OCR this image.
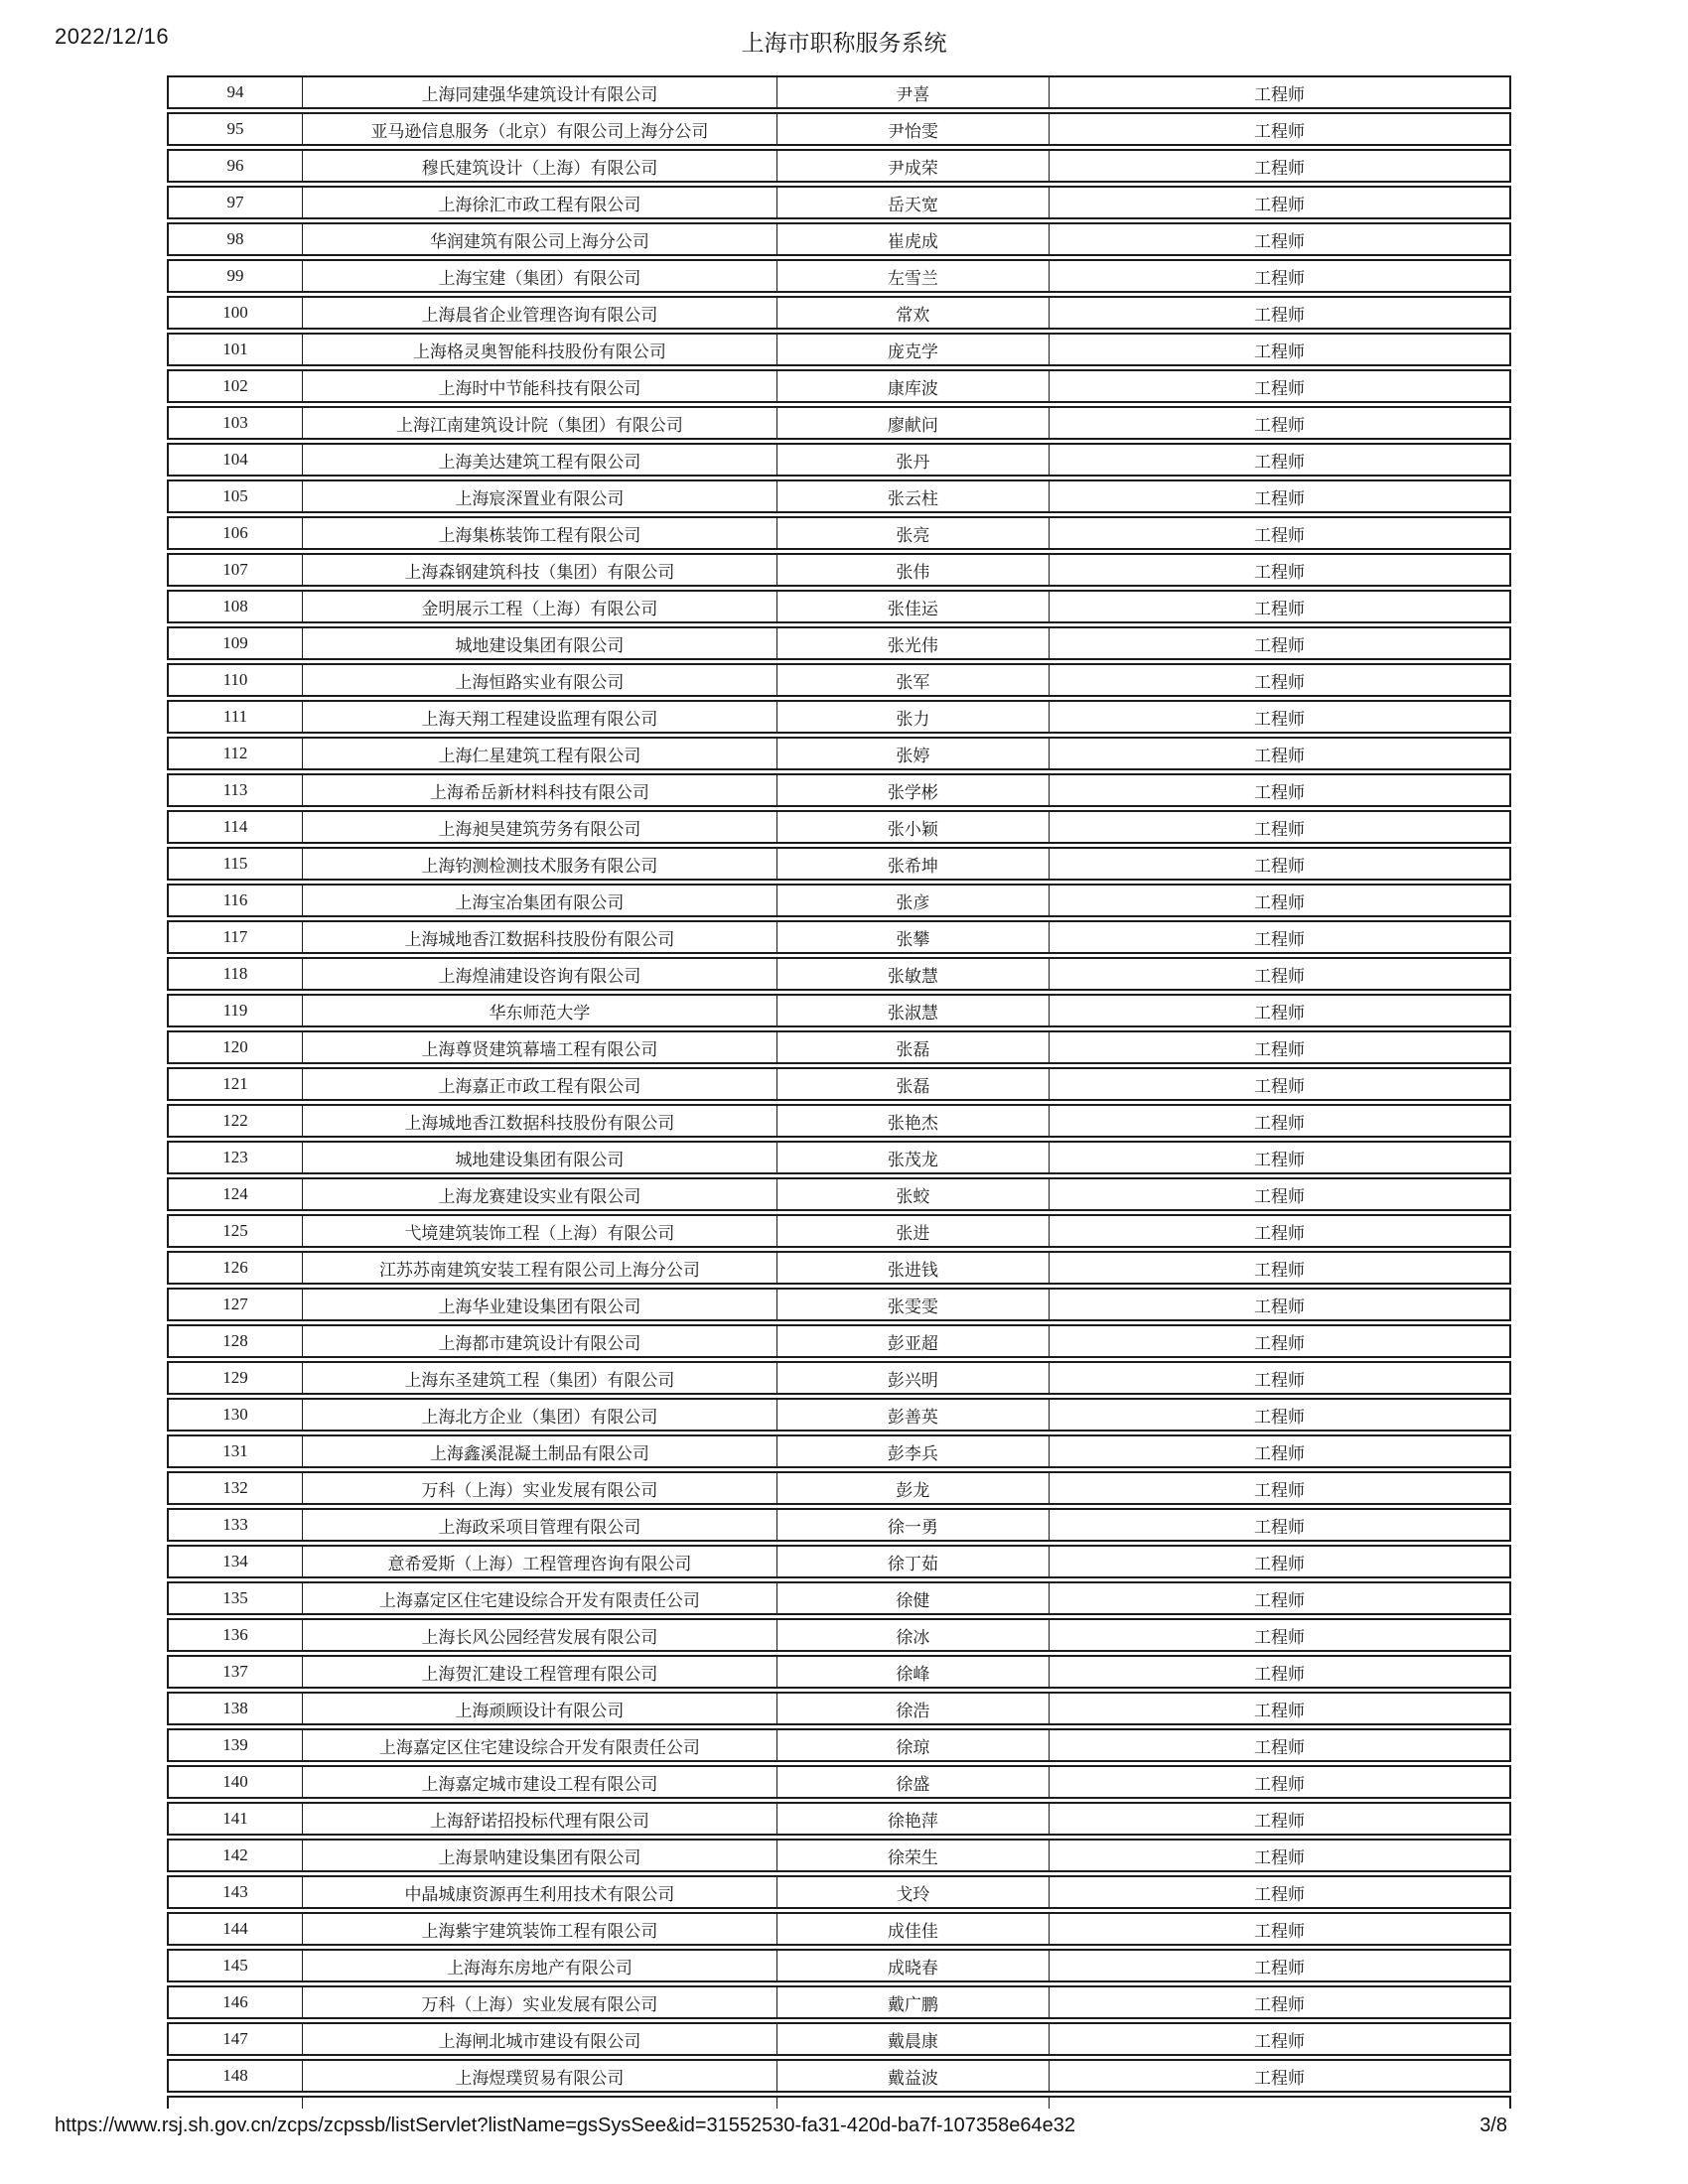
2022/12/16	上海市职称服务系统
94	上海同建强华建筑设计有限公司	尹喜	工程师
95	亚马逊信息服务（北京）有限公司上海分公司	尹怡雯	工程师
96	穆氏建筑设计（上海）有限公司	尹成荣	工程师
97	上海徐汇市政工程有限公司	岳天宽	工程师
98	华润建筑有限公司上海分公司	崔虎成	工程师
99	上海宝建（集团）有限公司	左雪兰	工程师
100	上海晨省企业管理咨询有限公司	常欢	工程师
101	上海格灵奥智能科技股份有限公司	庞克学	工程师
102	上海时中节能科技有限公司	康库波	工程师
103	上海江南建筑设计院（集团）有限公司	廖献问	工程师
104	上海美达建筑工程有限公司	张丹	工程师
105	上海宸深置业有限公司	张云柱	工程师
106	上海集栋装饰工程有限公司	张亮	工程师
107	上海森钢建筑科技（集团）有限公司	张伟	工程师
108	金明展示工程（上海）有限公司	张佳运	工程师
109	城地建设集团有限公司	张光伟	工程师
110	上海恒路实业有限公司	张军	工程师
111	上海天翔工程建设监理有限公司	张力	工程师
112	上海仁星建筑工程有限公司	张婷	工程师
113	上海希岳新材料科技有限公司	张学彬	工程师
114	上海昶昊建筑劳务有限公司	张小颖	工程师
115	上海钧测检测技术服务有限公司	张希坤	工程师
116	上海宝冶集团有限公司	张彦	工程师
117	上海城地香江数据科技股份有限公司	张攀	工程师
118	上海煌浦建设咨询有限公司	张敏慧	工程师
119	华东师范大学	张淑慧	工程师
120	上海尊贤建筑幕墙工程有限公司	张磊	工程师
121	上海嘉正市政工程有限公司	张磊	工程师
122	上海城地香江数据科技股份有限公司	张艳杰	工程师
123	城地建设集团有限公司	张茂龙	工程师
124	上海龙赛建设实业有限公司	张蛟	工程师
125	弋境建筑装饰工程（上海）有限公司	张进	工程师
126	江苏苏南建筑安装工程有限公司上海分公司	张进钱	工程师
127	上海华业建设集团有限公司	张雯雯	工程师
128	上海都市建筑设计有限公司	彭亚超	工程师
129	上海东圣建筑工程（集团）有限公司	彭兴明	工程师
130	上海北方企业（集团）有限公司	彭善英	工程师
131	上海鑫溪混凝土制品有限公司	彭李兵	工程师
132	万科（上海）实业发展有限公司	彭龙	工程师
133	上海政采项目管理有限公司	徐一勇	工程师
134	意希爱斯（上海）工程管理咨询有限公司	徐丁茹	工程师
135	上海嘉定区住宅建设综合开发有限责任公司	徐健	工程师
136	上海长风公园经营发展有限公司	徐冰	工程师
137	上海贺汇建设工程管理有限公司	徐峰	工程师
138	上海顽顾设计有限公司	徐浩	工程师
139	上海嘉定区住宅建设综合开发有限责任公司	徐琼	工程师
140	上海嘉定城市建设工程有限公司	徐盛	工程师
141	上海舒诺招投标代理有限公司	徐艳萍	工程师
142	上海景呐建设集团有限公司	徐荣生	工程师
143	中晶城康资源再生利用技术有限公司	戈玲	工程师
144	上海紫宇建筑装饰工程有限公司	成佳佳	工程师
145	上海海东房地产有限公司	成晓春	工程师
146	万科（上海）实业发展有限公司	戴广鹏	工程师
147	上海闸北城市建设有限公司	戴晨康	工程师
148	上海煜璞贸易有限公司	戴益波	工程师
https://www.rsj.sh.gov.cn/zcps/zcpssb/listServlet?listName=gsSysSee&id=31552530-fa31-420d-ba7f-107358e64e32	3/8
